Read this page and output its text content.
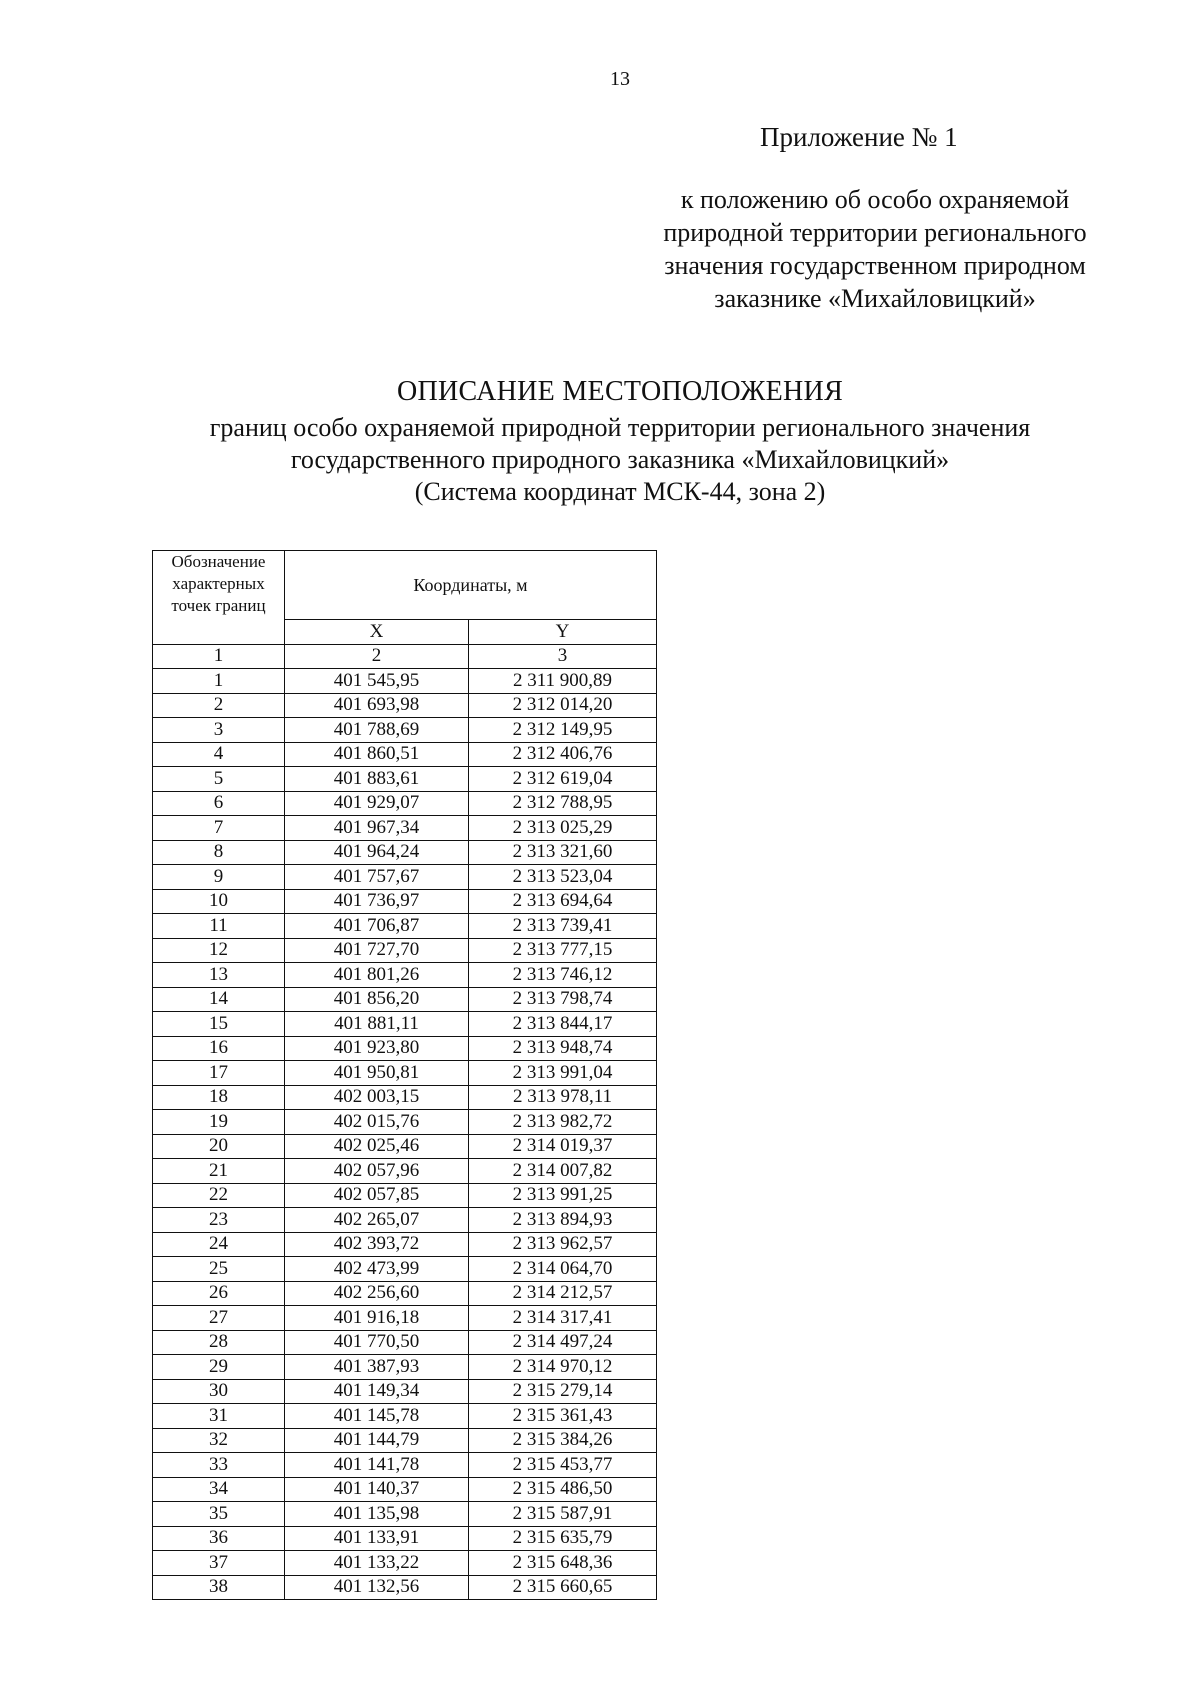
13
Приложение № 1
к положению об особо охраняемой
природной территории регионального
значения государственном природном
заказнике «Михайловицкий»
ОПИСАНИЕ МЕСТОПОЛОЖЕНИЯ
границ особо охраняемой природной территории регионального значения
государственного природного заказника «Михайловицкий»
(Система координат МСК-44, зона 2)
Обозначение характерных точек границ	Координаты, м	
	X	Y
1	2	3
1	401 545,95	2 311 900,89
2	401 693,98	2 312 014,20
3	401 788,69	2 312 149,95
4	401 860,51	2 312 406,76
5	401 883,61	2 312 619,04
6	401 929,07	2 312 788,95
7	401 967,34	2 313 025,29
8	401 964,24	2 313 321,60
9	401 757,67	2 313 523,04
10	401 736,97	2 313 694,64
11	401 706,87	2 313 739,41
12	401 727,70	2 313 777,15
13	401 801,26	2 313 746,12
14	401 856,20	2 313 798,74
15	401 881,11	2 313 844,17
16	401 923,80	2 313 948,74
17	401 950,81	2 313 991,04
18	402 003,15	2 313 978,11
19	402 015,76	2 313 982,72
20	402 025,46	2 314 019,37
21	402 057,96	2 314 007,82
22	402 057,85	2 313 991,25
23	402 265,07	2 313 894,93
24	402 393,72	2 313 962,57
25	402 473,99	2 314 064,70
26	402 256,60	2 314 212,57
27	401 916,18	2 314 317,41
28	401 770,50	2 314 497,24
29	401 387,93	2 314 970,12
30	401 149,34	2 315 279,14
31	401 145,78	2 315 361,43
32	401 144,79	2 315 384,26
33	401 141,78	2 315 453,77
34	401 140,37	2 315 486,50
35	401 135,98	2 315 587,91
36	401 133,91	2 315 635,79
37	401 133,22	2 315 648,36
38	401 132,56	2 315 660,65
